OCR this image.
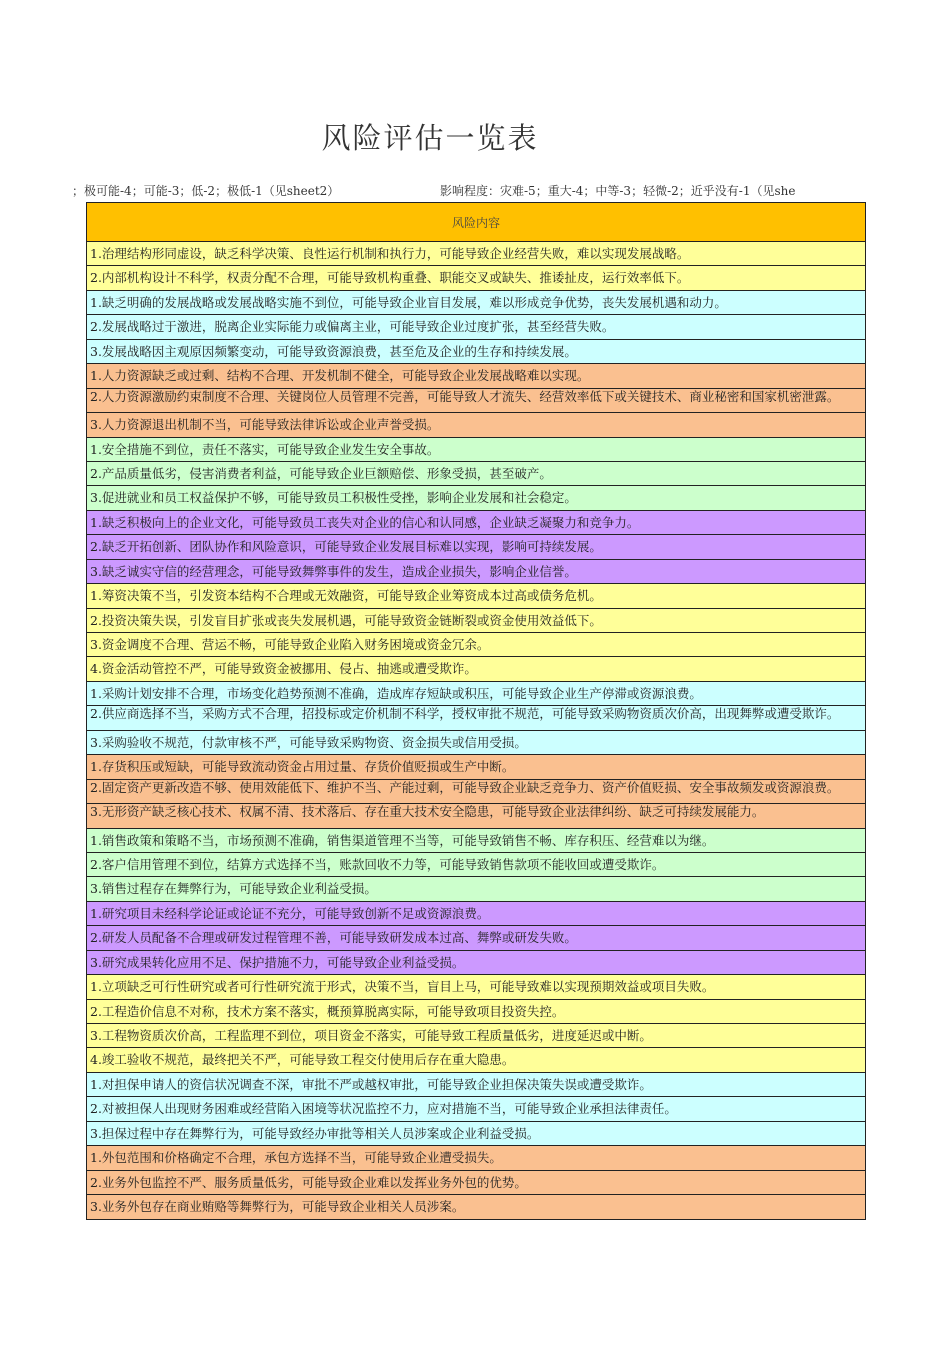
风险评估一览表
；极可能-4；可能-3；低-2；极低-1（见sheet2）	影响程度：灾难-5；重大-4；中等-3；轻微-2；近乎没有-1（见she
风险内容
1.治理结构形同虚设，缺乏科学决策、良性运行机制和执行力，可能导致企业经营失败，难以实现发展战略。
2.内部机构设计不科学，权责分配不合理，可能导致机构重叠、职能交叉或缺失、推诿扯皮，运行效率低下。
1.缺乏明确的发展战略或发展战略实施不到位，可能导致企业盲目发展，难以形成竞争优势，丧失发展机遇和动力。
2.发展战略过于激进，脱离企业实际能力或偏离主业，可能导致企业过度扩张，甚至经营失败。
3.发展战略因主观原因频繁变动，可能导致资源浪费，甚至危及企业的生存和持续发展。
1.人力资源缺乏或过剩、结构不合理、开发机制不健全，可能导致企业发展战略难以实现。
2.人力资源激励约束制度不合理、关键岗位人员管理不完善，可能导致人才流失、经营效率低下或关键技术、商业秘密和国家机密泄露。
3.人力资源退出机制不当，可能导致法律诉讼或企业声誉受损。
1.安全措施不到位，责任不落实，可能导致企业发生安全事故。
2.产品质量低劣，侵害消费者利益，可能导致企业巨额赔偿、形象受损，甚至破产。
3.促进就业和员工权益保护不够，可能导致员工积极性受挫，影响企业发展和社会稳定。
1.缺乏积极向上的企业文化，可能导致员工丧失对企业的信心和认同感，企业缺乏凝聚力和竞争力。
2.缺乏开拓创新、团队协作和风险意识，可能导致企业发展目标难以实现，影响可持续发展。
3.缺乏诚实守信的经营理念，可能导致舞弊事件的发生，造成企业损失，影响企业信誉。
1.筹资决策不当，引发资本结构不合理或无效融资，可能导致企业筹资成本过高或债务危机。
2.投资决策失误，引发盲目扩张或丧失发展机遇，可能导致资金链断裂或资金使用效益低下。
3.资金调度不合理、营运不畅，可能导致企业陷入财务困境或资金冗余。
4.资金活动管控不严，可能导致资金被挪用、侵占、抽逃或遭受欺诈。
1.采购计划安排不合理，市场变化趋势预测不准确，造成库存短缺或积压，可能导致企业生产停滞或资源浪费。
2.供应商选择不当，采购方式不合理，招投标或定价机制不科学，授权审批不规范，可能导致采购物资质次价高，出现舞弊或遭受欺诈。
3.采购验收不规范，付款审核不严，可能导致采购物资、资金损失或信用受损。
1.存货积压或短缺，可能导致流动资金占用过量、存货价值贬损或生产中断。
2.固定资产更新改造不够、使用效能低下、维护不当、产能过剩，可能导致企业缺乏竞争力、资产价值贬损、安全事故频发或资源浪费。
3.无形资产缺乏核心技术、权属不清、技术落后、存在重大技术安全隐患，可能导致企业法律纠纷、缺乏可持续发展能力。
1.销售政策和策略不当，市场预测不准确，销售渠道管理不当等，可能导致销售不畅、库存积压、经营难以为继。
2.客户信用管理不到位，结算方式选择不当，账款回收不力等，可能导致销售款项不能收回或遭受欺诈。
3.销售过程存在舞弊行为，可能导致企业利益受损。
1.研究项目未经科学论证或论证不充分，可能导致创新不足或资源浪费。
2.研发人员配备不合理或研发过程管理不善，可能导致研发成本过高、舞弊或研发失败。
3.研究成果转化应用不足、保护措施不力，可能导致企业利益受损。
1.立项缺乏可行性研究或者可行性研究流于形式，决策不当，盲目上马，可能导致难以实现预期效益或项目失败。
2.工程造价信息不对称，技术方案不落实，概预算脱离实际，可能导致项目投资失控。
3.工程物资质次价高，工程监理不到位，项目资金不落实，可能导致工程质量低劣，进度延迟或中断。
4.竣工验收不规范，最终把关不严，可能导致工程交付使用后存在重大隐患。
1.对担保申请人的资信状况调查不深，审批不严或越权审批，可能导致企业担保决策失误或遭受欺诈。
2.对被担保人出现财务困难或经营陷入困境等状况监控不力，应对措施不当，可能导致企业承担法律责任。
3.担保过程中存在舞弊行为，可能导致经办审批等相关人员涉案或企业利益受损。
1.外包范围和价格确定不合理，承包方选择不当，可能导致企业遭受损失。
2.业务外包监控不严、服务质量低劣，可能导致企业难以发挥业务外包的优势。
3.业务外包存在商业贿赂等舞弊行为，可能导致企业相关人员涉案。
